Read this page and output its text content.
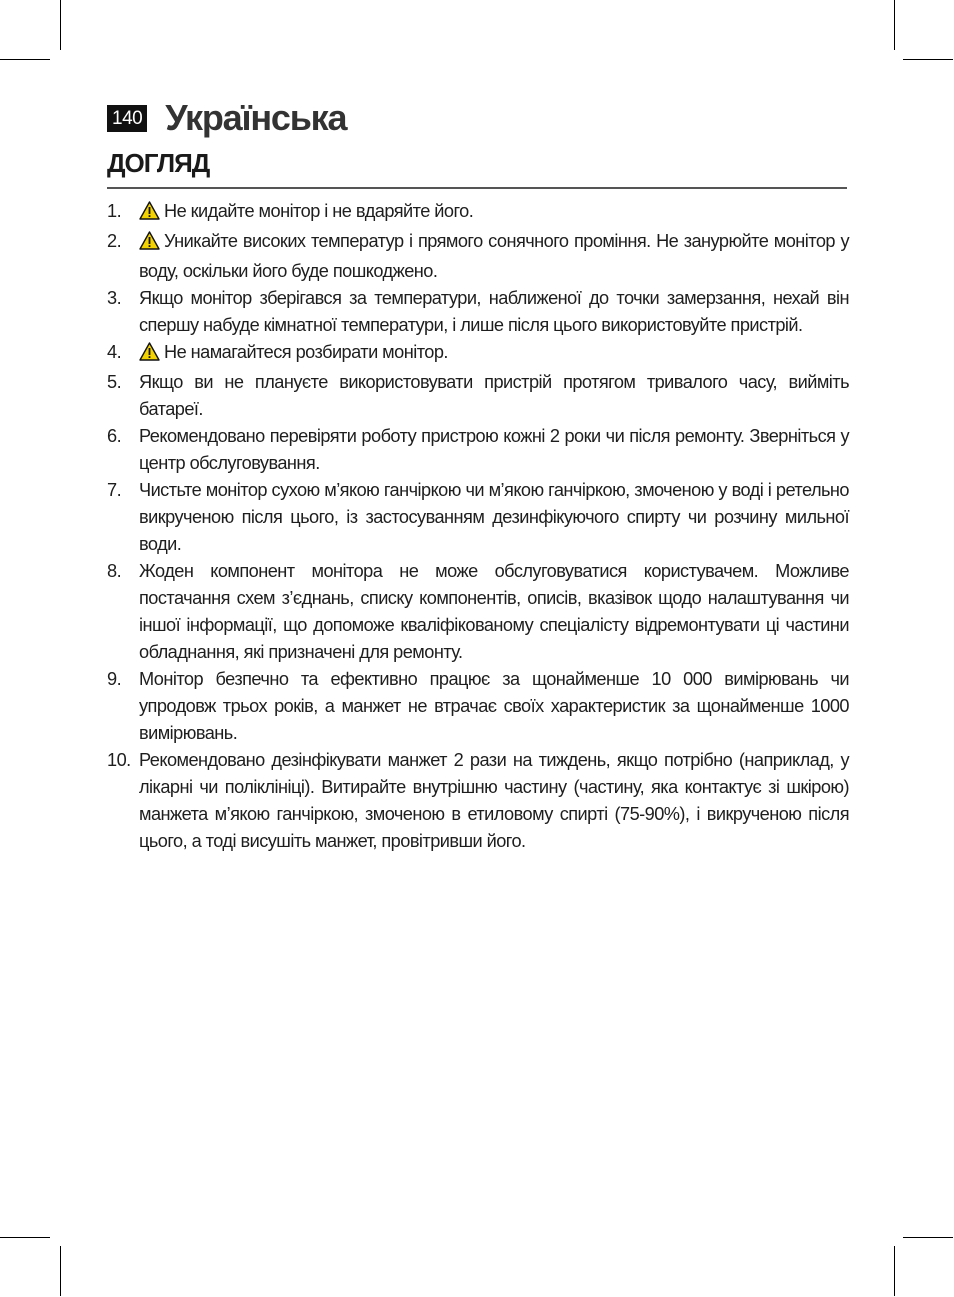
140 Українська
ДОГЛЯД
1.	Не кидайте монітор і не вдаряйте його.
2.	Уникайте високих температур і прямого сонячного проміння. Не занурюйте монітор у воду, оскільки його буде пошкоджено.
3. Якщо монітор зберігався за температури, наближеної до точки замерзання, нехай він спершу набуде кімнатної температури, і лише після цього використовуйте пристрій.
4.	Не намагайтеся розбирати монітор.
5. Якщо ви не плануєте використовувати пристрій протягом тривалого часу, вийміть батареї.
6. Рекомендовано перевіряти роботу пристрою кожні 2 роки чи після ремонту. Зверніться у центр обслуговування.
7. Чистьте монітор сухою м’якою ганчіркою чи м’якою ганчіркою, змоченою у воді і ретельно викрученою після цього, із застосуванням дезинфікуючого спирту чи розчину мильної води.
8. Жоден компонент монітора не може обслуговуватися користувачем. Можливе постачання схем з’єднань, списку компонентів, описів, вказівок щодо налаштування чи іншої інформації, що допоможе кваліфікованому спеціалісту відремонтувати ці частини обладнання, які призначені для ремонту.
9. Монітор безпечно та ефективно працює за щонайменше 10 000 вимірювань чи упродовж трьох років, а манжет не втрачає своїх характеристик за щонайменше 1000 вимірювань.
10. Рекомендовано дезінфікувати манжет 2 рази на тиждень, якщо потрібно (наприклад, у лікарні чи поліклініці). Витирайте внутрішню частину (частину, яка контактує зі шкірою) манжета м’якою ганчіркою, змоченою в етиловому спирті (75-90%), і викрученою після цього, а тоді висушіть манжет, провітривши його.
